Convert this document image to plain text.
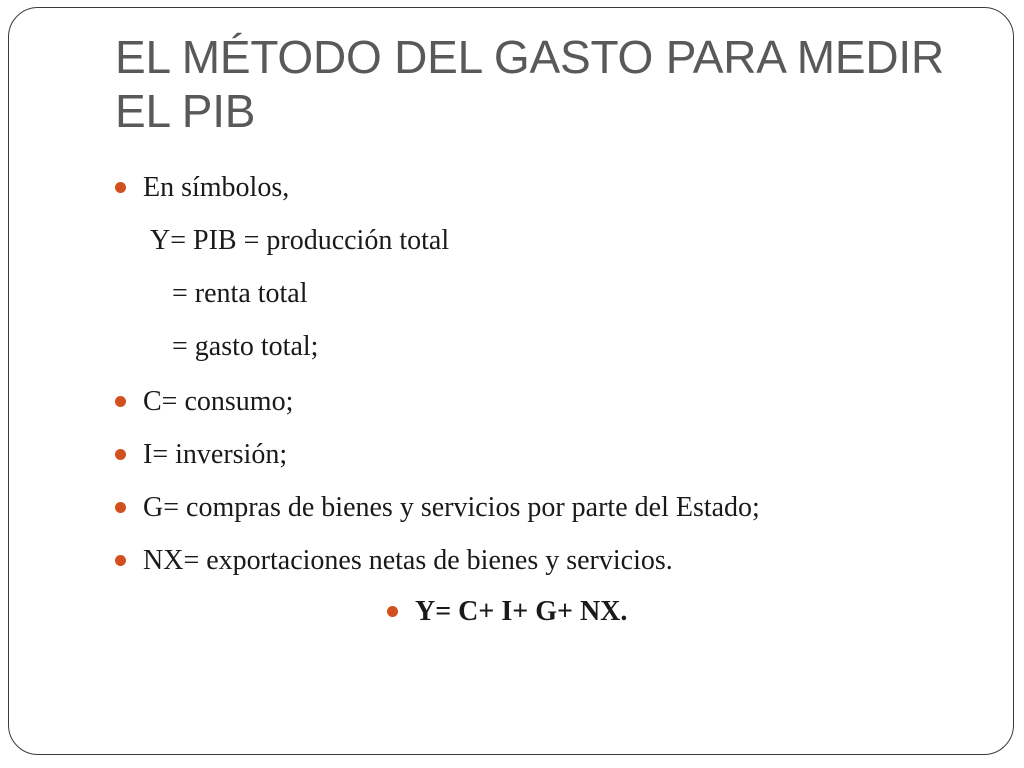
EL MÉTODO DEL GASTO PARA MEDIR
EL PIB
En símbolos,
Y= PIB = producción total
= renta total
= gasto total;
C= consumo;
I= inversión;
G= compras de bienes y servicios por parte del Estado;
NX= exportaciones netas de bienes y servicios.
Y= C+ I+ G+ NX.
